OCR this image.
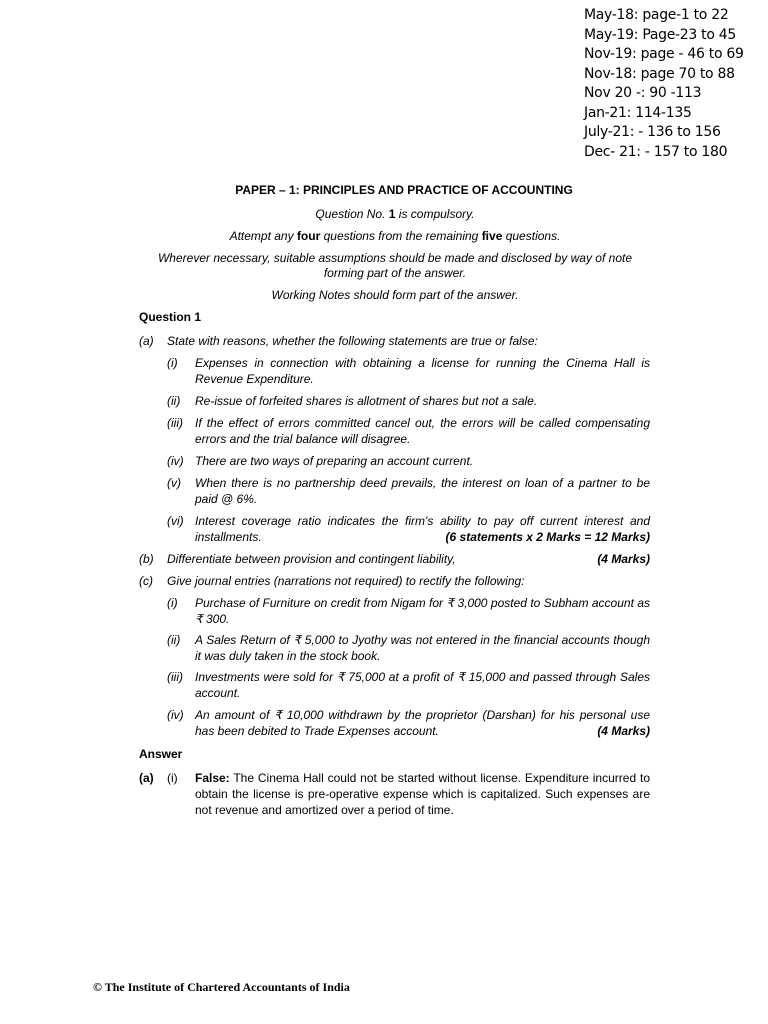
May-18: page-1 to 22
May-19: Page-23 to 45
Nov-19: page - 46 to 69
Nov-18: page 70 to 88
Nov 20 -: 90 -113
Jan-21: 114-135
July-21: - 136 to 156
Dec- 21: - 157 to 180
PAPER – 1: PRINCIPLES AND PRACTICE OF ACCOUNTING
Question No. 1 is compulsory.
Attempt any four questions from the remaining five questions.
Wherever necessary, suitable assumptions should be made and disclosed by way of note forming part of the answer.
Working Notes should form part of the answer.
Question 1
(a) State with reasons, whether the following statements are true or false:
(i) Expenses in connection with obtaining a license for running the Cinema Hall is Revenue Expenditure.
(ii) Re-issue of forfeited shares is allotment of shares but not a sale.
(iii) If the effect of errors committed cancel out, the errors will be called compensating errors and the trial balance will disagree.
(iv) There are two ways of preparing an account current.
(v) When there is no partnership deed prevails, the interest on loan of a partner to be paid @ 6%.
(vi) Interest coverage ratio indicates the firm's ability to pay off current interest and installments.	(6 statements x 2 Marks = 12 Marks)
(b) Differentiate between provision and contingent liability,	(4 Marks)
(c) Give journal entries (narrations not required) to rectify the following:
(i) Purchase of Furniture on credit from Nigam for ₹ 3,000 posted to Subham account as ₹ 300.
(ii) A Sales Return of ₹ 5,000 to Jyothy was not entered in the financial accounts though it was duly taken in the stock book.
(iii) Investments were sold for ₹ 75,000 at a profit of ₹ 15,000 and passed through Sales account.
(iv) An amount of ₹ 10,000 withdrawn by the proprietor (Darshan) for his personal use has been debited to Trade Expenses account.	(4 Marks)
Answer
(a) (i) False: The Cinema Hall could not be started without license. Expenditure incurred to obtain the license is pre-operative expense which is capitalized. Such expenses are not revenue and amortized over a period of time.
© The Institute of Chartered Accountants of India
